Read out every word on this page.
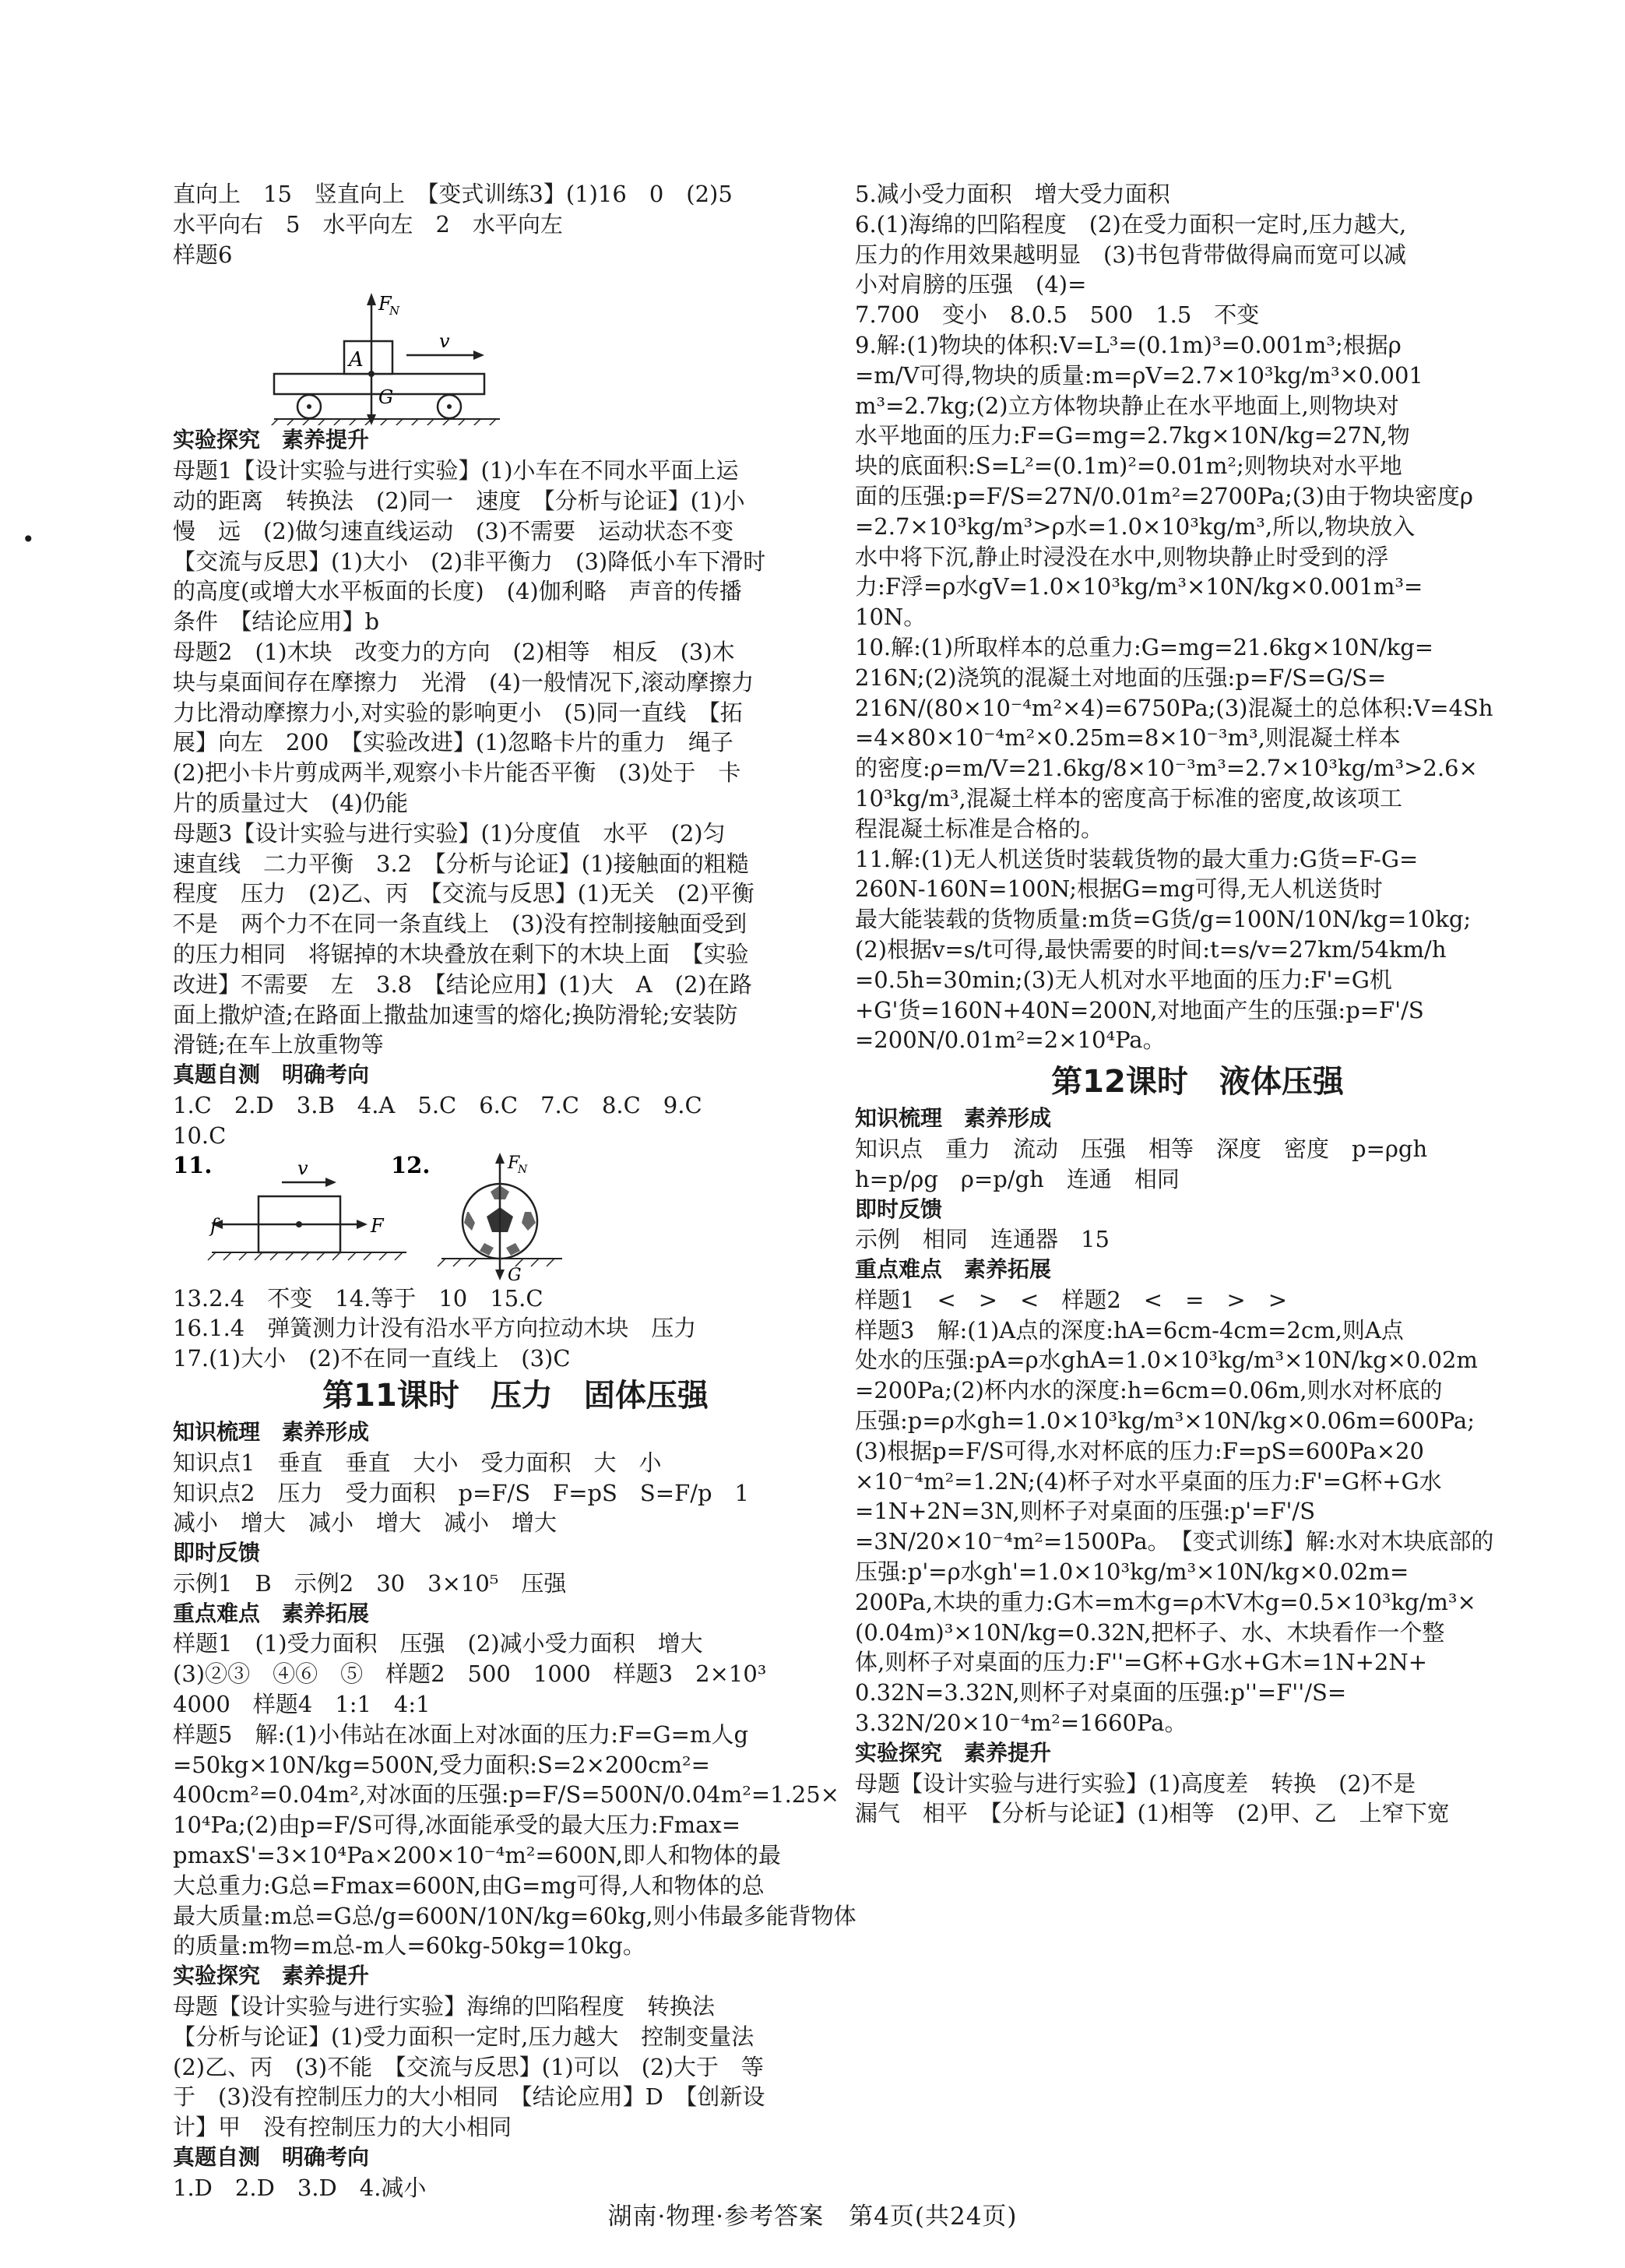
•
直向上　15　竖直向上　【变式训练3】(1)16　0　(2)5
水平向右　5　水平向左　2　水平向左
样题6
A
F
N
G
v
实验探究　素养提升
母题1【设计实验与进行实验】(1)小车在不同水平面上运
动的距离　转换法　(2)同一　速度　【分析与论证】(1)小
慢　远　(2)做匀速直线运动　(3)不需要　运动状态不变
【交流与反思】(1)大小　(2)非平衡力　(3)降低小车下滑时
的高度(或增大水平板面的长度)　(4)伽利略　声音的传播
条件　【结论应用】b
母题2　(1)木块　改变力的方向　(2)相等　相反　(3)木
块与桌面间存在摩擦力　光滑　(4)一般情况下,滚动摩擦力
力比滑动摩擦力小,对实验的影响更小　(5)同一直线　【拓
展】向左　200　【实验改进】(1)忽略卡片的重力　绳子
(2)把小卡片剪成两半,观察小卡片能否平衡　(3)处于　卡
片的质量过大　(4)仍能
母题3【设计实验与进行实验】(1)分度值　水平　(2)匀
速直线　二力平衡　3.2　【分析与论证】(1)接触面的粗糙
程度　压力　(2)乙、丙　【交流与反思】(1)无关　(2)平衡
不是　两个力不在同一条直线上　(3)没有控制接触面受到
的压力相同　将锯掉的木块叠放在剩下的木块上面　【实验
改进】不需要　左　3.8　【结论应用】(1)大　A　(2)在路
面上撒炉渣;在路面上撒盐加速雪的熔化;换防滑轮;安装防
滑链;在车上放重物等
真题自测　明确考向
1.C　2.D　3.B　4.A　5.C　6.C　7.C　8.C　9.C
10.C
11.	v
f	F
12.	F
N
G
13.2.4　不变　14.等于　10　15.C
16.1.4　弹簧测力计没有沿水平方向拉动木块　压力
17.(1)大小　(2)不在同一直线上　(3)C
第11课时　压力　固体压强
知识梳理　素养形成
知识点1　垂直　垂直　大小　受力面积　大　小
知识点2　压力　受力面积　p=F/S　F=pS　S=F/p　1
减小　增大　减小　增大　减小　增大
即时反馈
示例1　B　示例2　30　3×10⁵　压强
重点难点　素养拓展
样题1　(1)受力面积　压强　(2)减小受力面积　增大
(3)②③　④⑥　⑤　样题2　500　1000　样题3　2×10³
4000　样题4　1:1　4:1
样题5　解:(1)小伟站在冰面上对冰面的压力:F=G=m人g
=50kg×10N/kg=500N,受力面积:S=2×200cm²=
400cm²=0.04m²,对冰面的压强:p=F/S=500N/0.04m²=1.25×
10⁴Pa;(2)由p=F/S可得,冰面能承受的最大压力:Fmax=
pmaxS'=3×10⁴Pa×200×10⁻⁴m²=600N,即人和物体的最
大总重力:G总=Fmax=600N,由G=mg可得,人和物体的总
最大质量:m总=G总/g=600N/10N/kg=60kg,则小伟最多能背物体
的质量:m物=m总-m人=60kg-50kg=10kg。
实验探究　素养提升
母题【设计实验与进行实验】海绵的凹陷程度　转换法
【分析与论证】(1)受力面积一定时,压力越大　控制变量法
(2)乙、丙　(3)不能　【交流与反思】(1)可以　(2)大于　等
于　(3)没有控制压力的大小相同　【结论应用】D　【创新设
计】甲　没有控制压力的大小相同
真题自测　明确考向
1.D　2.D　3.D　4.减小
5.减小受力面积　增大受力面积
6.(1)海绵的凹陷程度　(2)在受力面积一定时,压力越大,
压力的作用效果越明显　(3)书包背带做得扁而宽可以减
小对肩膀的压强　(4)=
7.700　变小　8.0.5　500　1.5　不变
9.解:(1)物块的体积:V=L³=(0.1m)³=0.001m³;根据ρ
=m/V可得,物块的质量:m=ρV=2.7×10³kg/m³×0.001
m³=2.7kg;(2)立方体物块静止在水平地面上,则物块对
水平地面的压力:F=G=mg=2.7kg×10N/kg=27N,物
块的底面积:S=L²=(0.1m)²=0.01m²;则物块对水平地
面的压强:p=F/S=27N/0.01m²=2700Pa;(3)由于物块密度ρ
=2.7×10³kg/m³>ρ水=1.0×10³kg/m³,所以,物块放入
水中将下沉,静止时浸没在水中,则物块静止时受到的浮
力:F浮=ρ水gV=1.0×10³kg/m³×10N/kg×0.001m³=
10N。
10.解:(1)所取样本的总重力:G=mg=21.6kg×10N/kg=
216N;(2)浇筑的混凝土对地面的压强:p=F/S=G/S=
216N/(80×10⁻⁴m²×4)=6750Pa;(3)混凝土的总体积:V=4Sh
=4×80×10⁻⁴m²×0.25m=8×10⁻³m³,则混凝土样本
的密度:ρ=m/V=21.6kg/8×10⁻³m³=2.7×10³kg/m³>2.6×
10³kg/m³,混凝土样本的密度高于标准的密度,故该项工
程混凝土标准是合格的。
11.解:(1)无人机送货时装载货物的最大重力:G货=F-G=
260N-160N=100N;根据G=mg可得,无人机送货时
最大能装载的货物质量:m货=G货/g=100N/10N/kg=10kg;
(2)根据v=s/t可得,最快需要的时间:t=s/v=27km/54km/h
=0.5h=30min;(3)无人机对水平地面的压力:F'=G机
+G'货=160N+40N=200N,对地面产生的压强:p=F'/S
=200N/0.01m²=2×10⁴Pa。
第12课时　液体压强
知识梳理　素养形成
知识点　重力　流动　压强　相等　深度　密度　p=ρgh
h=p/ρg　ρ=p/gh　连通　相同
即时反馈
示例　相同　连通器　15
重点难点　素养拓展
样题1　<　>　<　样题2　<　=　>　>
样题3　解:(1)A点的深度:hA=6cm-4cm=2cm,则A点
处水的压强:pA=ρ水ghA=1.0×10³kg/m³×10N/kg×0.02m
=200Pa;(2)杯内水的深度:h=6cm=0.06m,则水对杯底的
压强:p=ρ水gh=1.0×10³kg/m³×10N/kg×0.06m=600Pa;
(3)根据p=F/S可得,水对杯底的压力:F=pS=600Pa×20
×10⁻⁴m²=1.2N;(4)杯子对水平桌面的压力:F'=G杯+G水
=1N+2N=3N,则杯子对桌面的压强:p'=F'/S
=3N/20×10⁻⁴m²=1500Pa。　【变式训练】解:水对木块底部的
压强:p'=ρ水gh'=1.0×10³kg/m³×10N/kg×0.02m=
200Pa,木块的重力:G木=m木g=ρ木V木g=0.5×10³kg/m³×
(0.04m)³×10N/kg=0.32N,把杯子、水、木块看作一个整
体,则杯子对桌面的压力:F''=G杯+G水+G木=1N+2N+
0.32N=3.32N,则杯子对桌面的压强:p''=F''/S=
3.32N/20×10⁻⁴m²=1660Pa。
实验探究　素养提升
母题【设计实验与进行实验】(1)高度差　转换　(2)不是
漏气　相平　【分析与论证】(1)相等　(2)甲、乙　上窄下宽
湖南·物理·参考答案　第4页(共24页)
